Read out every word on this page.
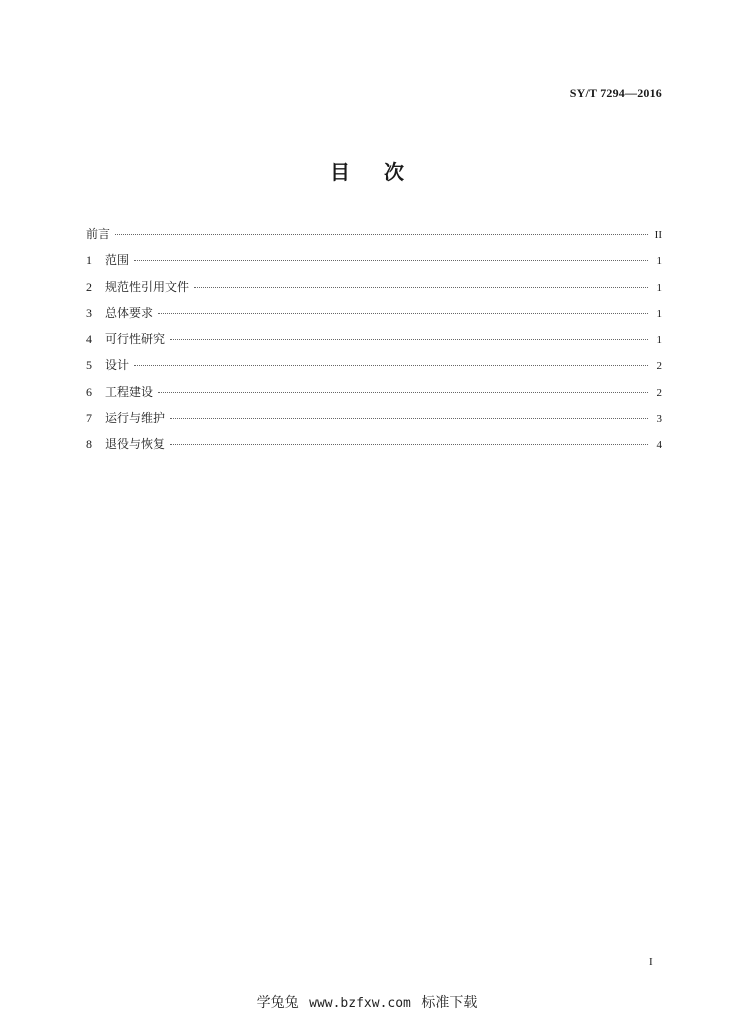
SY/T 7294—2016
目次
前言	II
1	范围	1
2	规范性引用文件	1
3	总体要求	1
4	可行性研究	1
5	设计	2
6	工程建设	2
7	运行与维护	3
8	退役与恢复	4
I
学兔兔 www.bzfxw.com 标准下载
